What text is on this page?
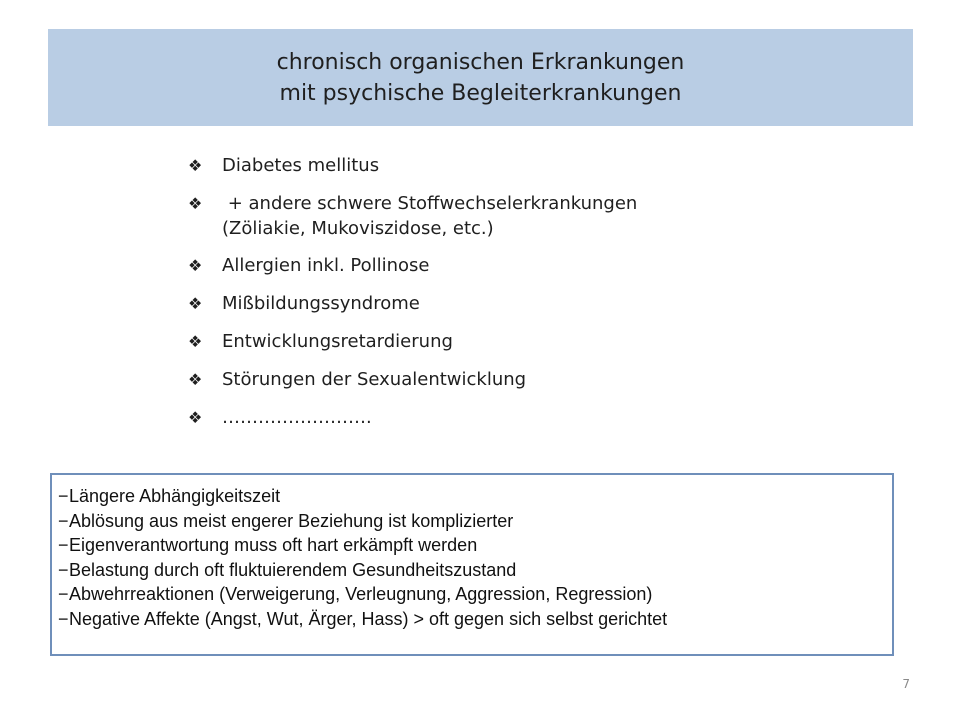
chronisch organischen Erkrankungen
mit psychische Begleiterkrankungen
❖ Diabetes mellitus
❖ + andere schwere Stoffwechselerkrankungen
(Zöliakie, Mukoviszidose, etc.)
❖ Allergien inkl. Pollinose
❖ Mißbildungssyndrome
❖ Entwicklungsretardierung
❖ Störungen der Sexualentwicklung
❖ …………………….
−Längere Abhängigkeitszeit
−Ablösung aus meist engerer Beziehung ist komplizierter
−Eigenverantwortung muss oft hart erkämpft werden
−Belastung durch oft fluktuierendem Gesundheitszustand
−Abwehrreaktionen (Verweigerung, Verleugnung, Aggression, Regression)
−Negative Affekte (Angst, Wut, Ärger, Hass) > oft gegen sich selbst gerichtet
7
